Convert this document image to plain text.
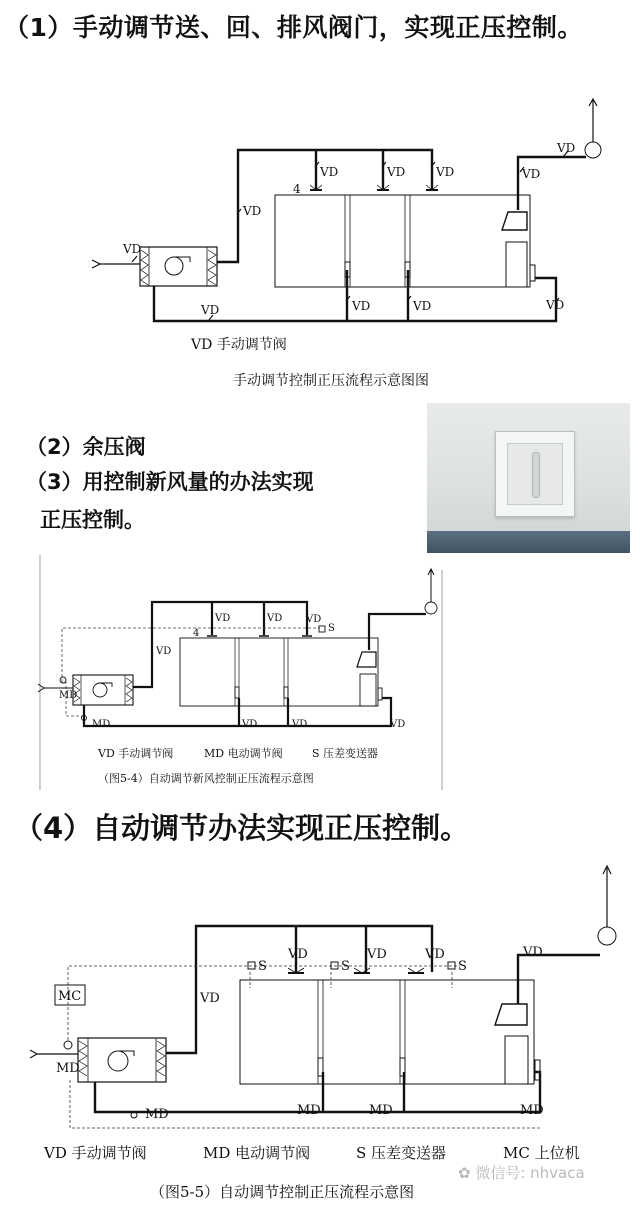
（1）手动调节送、回、排风阀门，实现正压控制。
VD
VD
VD	VD	VD
VD	VD	VD
VD
VD
VD
4
VD 手动调节阀
手动调节控制正压流程示意图图
（2）余压阀
（3）用控制新风量的办法实现
正压控制。
MD
MD
VD
VD	VD VD
VD	VD	VD
S
4
VD 手动调节阀	MD 电动调节阀	S 压差变送器
（图5-4）自动调节新风控制正压流程示意图
（4）自动调节办法实现正压控制。
MC
MD
MD	MD	MD	MD
VD
VD	VD	VD	VD
S	S	S
VD 手动调节阀	MD 电动调节阀	S 压差变送器	MC 上位机
（图5-5）自动调节控制正压流程示意图
✿ 微信号: nhvaca
